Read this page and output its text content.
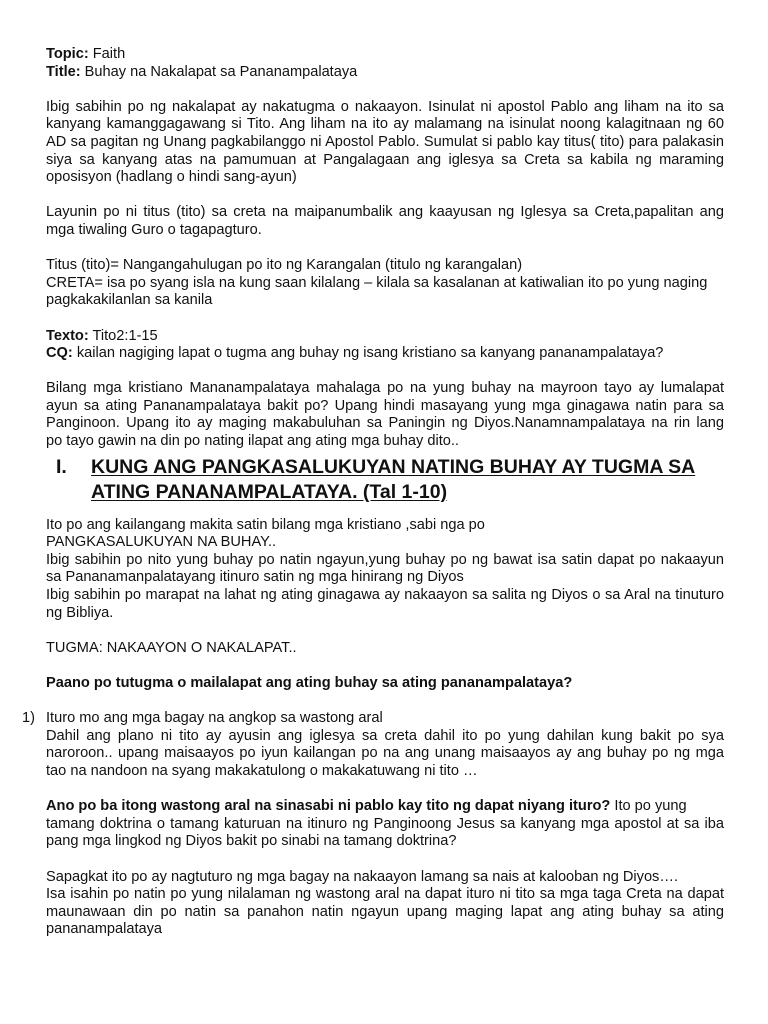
Topic: Faith

Title: Buhay na Nakalapat sa Pananampalataya

Ibig sabihin po ng nakalapat ay nakatugma o nakaayon. Isinulat ni apostol Pablo ang liham na ito sa

kanyang kamanggagawang si Tito. Ang liham na ito ay malamang na isinulat noong kalagitnaan ng 60

AD sa pagitan ng Unang pagkabilanggo ni Apostol Pablo. Sumulat si pablo kay titus( tito) para palakasin

siya sa kanyang atas na pamumuan at Pangalagaan ang iglesya sa Creta sa kabila ng maraming

oposisyon (hadlang o hindi sang-ayun)

Layunin po ni titus (tito) sa creta na maipanumbalik ang kaayusan ng Iglesya sa Creta,papalitan ang

mga tiwaling Guro o tagapagturo.

Titus (tito)= Nangangahulugan po ito ng Karangalan (titulo ng karangalan)

CRETA= isa po syang isla na kung saan kilalang – kilala sa kasalanan at katiwalian ito po yung naging

pagkakakilanlan sa kanila

Texto: Tito2:1-15

CQ: kailan nagiging lapat o tugma ang buhay ng isang kristiano sa kanyang pananampalataya?

Bilang mga kristiano Mananampalataya mahalaga po na yung buhay na mayroon tayo ay lumalapat

ayun sa ating Pananampalataya bakit po? Upang hindi masayang yung mga ginagawa natin para sa

Panginoon. Upang ito ay maging makabuluhan sa Paningin ng Diyos.Nanamnampalataya na rin lang

po tayo gawin na din po nating ilapat ang ating mga buhay dito..

I. KUNG ANG PANGKASALUKUYAN NATING BUHAY AY TUGMA SA
ATING PANANAMPALATAYA. (Tal 1-10)

Ito po ang kailangang makita satin bilang mga kristiano ,sabi nga po

PANGKASALUKUYAN NA BUHAY..

Ibig sabihin po nito yung buhay po natin ngayun,yung buhay po ng bawat isa satin dapat po nakaayun

sa Pananamanpalatayang itinuro satin ng mga hinirang ng Diyos

Ibig sabihin po marapat na lahat ng ating ginagawa ay nakaayon sa salita ng Diyos o sa Aral na tinuturo

ng Bibliya.

TUGMA: NAKAAYON O NAKALAPAT..

Paano po tutugma o mailalapat ang ating buhay sa ating pananampalataya?

1) Ituro mo ang mga bagay na angkop sa wastong aral

Dahil ang plano ni tito ay ayusin ang iglesya sa creta dahil ito po yung dahilan kung bakit po sya

naroroon.. upang maisaayos po iyun kailangan po na ang unang maisaayos ay ang buhay po ng mga

tao na nandoon na syang makakatulong o makakatuwang ni tito …

Ano po ba itong wastong aral na sinasabi ni pablo kay tito ng dapat niyang ituro? Ito po yung

tamang doktrina o tamang katuruan na itinuro ng Panginoong Jesus sa kanyang mga apostol at sa iba

pang mga lingkod ng Diyos bakit po sinabi na tamang doktrina?

Sapagkat ito po ay nagtuturo ng mga bagay na nakaayon lamang sa nais at kalooban ng Diyos….

Isa isahin po natin po yung nilalaman ng wastong aral na dapat ituro ni tito sa mga taga Creta na dapat

maunawaan din po natin sa panahon natin ngayun upang maging lapat ang ating buhay sa ating

pananampalataya
